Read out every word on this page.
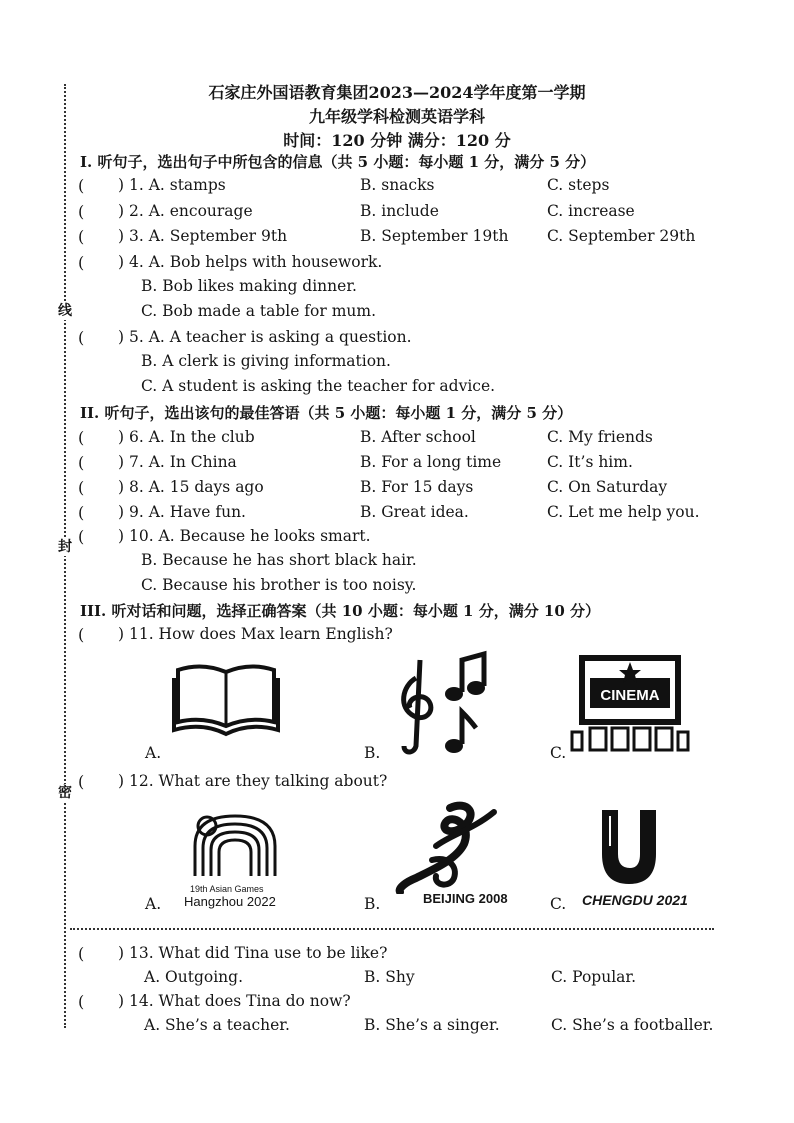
线
封
密
石家庄外国语教育集团2023—2024学年度第一学期
九年级学科检测英语学科
时间：120 分钟 满分：120 分
I. 听句子，选出句子中所包含的信息（共 5 小题：每小题 1 分，满分 5 分）
( ) 1. A. stamps	B. snacks	C. steps
( ) 2. A. encourage	B. include	C. increase
( ) 3. A. September 9th	B. September 19th C. September 29th
( ) 4. A. Bob helps with housework.
B. Bob likes making dinner.
C. Bob made a table for mum.
( ) 5. A. A teacher is asking a question.
B. A clerk is giving information.
C. A student is asking the teacher for advice.
II. 听句子，选出该句的最佳答语（共 5 小题：每小题 1 分，满分 5 分）
( ) 6. A. In the club	B. After school	C. My friends
( ) 7. A. In China	B. For a long time	C. It’s him.
( ) 8. A. 15 days ago	B. For 15 days	C. On Saturday
( ) 9. A. Have fun.	B. Great idea.	C. Let me help you.
( ) 10. A. Because he looks smart.
B. Because he has short black hair.
C. Because his brother is too noisy.
III. 听对话和问题，选择正确答案（共 10 小题：每小题 1 分，满分 10 分）
( ) 11. How does Max learn English?
A.	B.
CINEMA
C.
( ) 12. What are they talking about?
19th Asian Games
Hangzhou 2022
A.	BEIJING 2008
B.	CHENGDU 2021
C.
( ) 13. What did Tina use to be like?
A. Outgoing.	B. Shy	C. Popular.
( ) 14. What does Tina do now?
A. She’s a teacher.	B. She’s a singer.	C. She’s a footballer.
